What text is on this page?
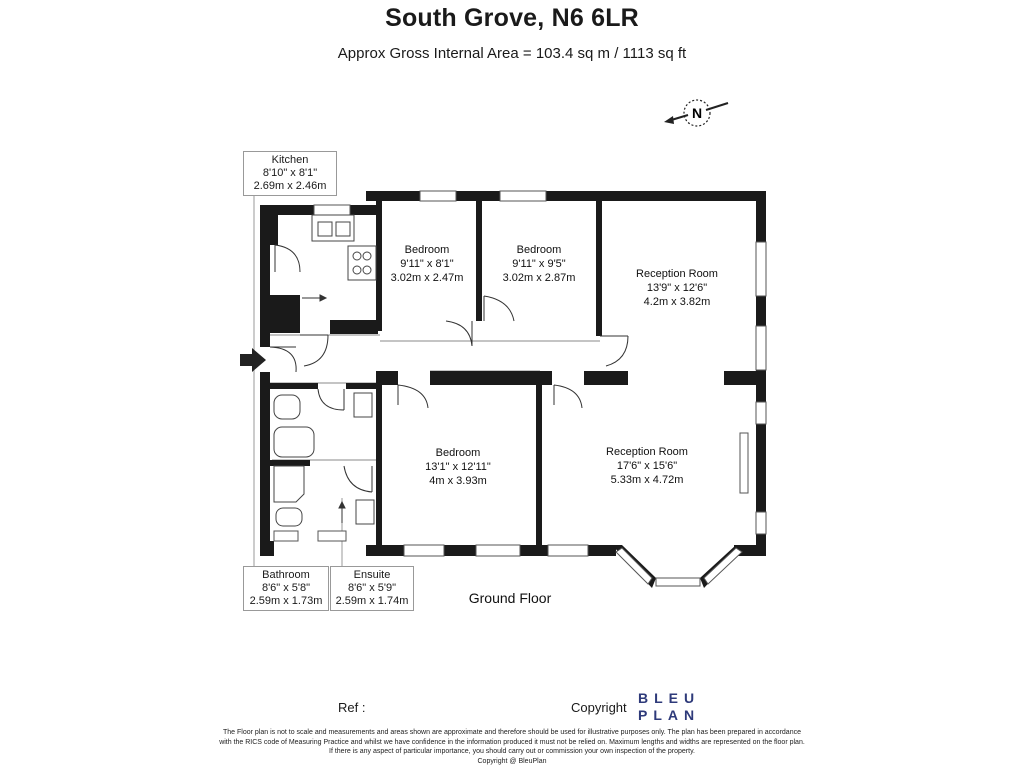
South Grove, N6 6LR
Approx Gross Internal Area = 103.4 sq m / 1113 sq ft
N
Bedroom
9'11" x 8'1"
3.02m x 2.47m
Bedroom
9'11" x 9'5"
3.02m x 2.87m	Reception Room
13'9" x 12'6"
4.2m x 3.82m
Bedroom
13'1" x 12'11"
4m x 3.93m
Reception Room
17'6" x 15'6"
5.33m x 4.72m
Ground Floor
Kitchen
8'10" x 8'1"
2.69m x 2.46m
Bathroom
8'6" x 5'8"
2.59m x 1.73m
Ensuite
8'6" x 5'9"
2.59m x 1.74m
Ref :	Copyright
BLEU
PLAN
The Floor plan is not to scale and measurements and areas shown are approximate and therefore should be used for illustrative purposes only. The plan has been prepared in accordance
with the RICS code of Measuring Practice and whilst we have confidence in the information produced it must not be relied on. Maximum lengths and widths are represented on the floor plan.
If there is any aspect of particular importance, you should carry out or commission your own inspection of the property.
Copyright @ BleuPlan
